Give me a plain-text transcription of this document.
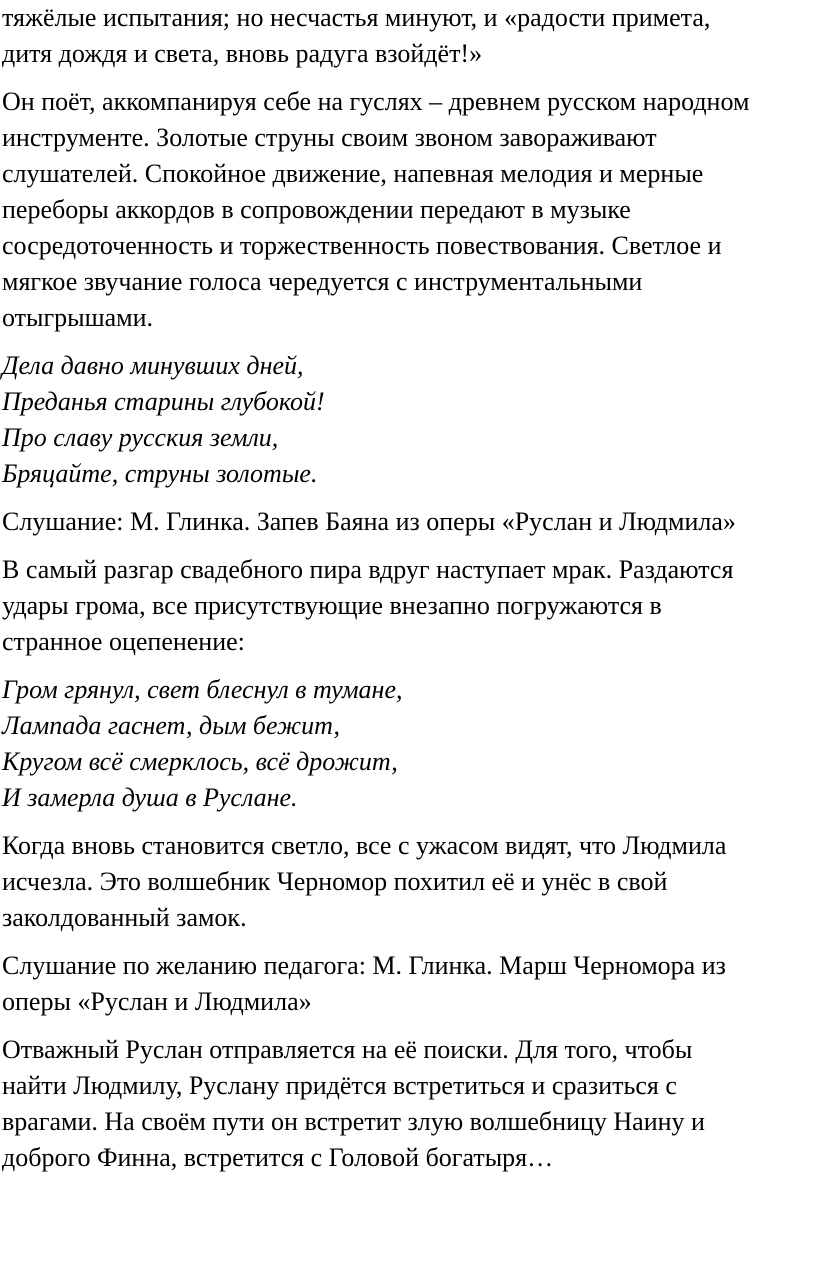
тяжёлые испытания; но несчастья минуют, и «радости примета,
дитя дождя и света, вновь радуга взойдёт!»

Он поёт, аккомпанируя себе на гуслях – древнем русском народном
инструменте. Золотые струны своим звоном завораживают
слушателей. Спокойное движение, напевная мелодия и мерные
переборы аккордов в сопровождении передают в музыке
сосредоточенность и торжественность повествования. Светлое и
мягкое звучание голоса чередуется с инструментальными
отыгрышами.

Дела давно минувших дней,
Преданья старины глубокой!
Про славу русския земли,
Бряцайте, струны золотые.

Слушание: М. Глинка. Запев Баяна из оперы «Руслан и Людмила»

В самый разгар свадебного пира вдруг наступает мрак. Раздаются
удары грома, все присутствующие внезапно погружаются в
странное оцепенение:

Гром грянул, свет блеснул в тумане,
Лампада гаснет, дым бежит,
Кругом всё смерклось, всё дрожит,
И замерла душа в Руслане.

Когда вновь становится светло, все с ужасом видят, что Людмила
исчезла. Это волшебник Черномор похитил её и унёс в свой
заколдованный замок.

Слушание по желанию педагога: М. Глинка. Марш Черномора из
оперы «Руслан и Людмила»

Отважный Руслан отправляется на её поиски. Для того, чтобы
найти Людмилу, Руслану придётся встретиться и сразиться с
врагами. На своём пути он встретит злую волшебницу Наину и
доброго Финна, встретится с Головой богатыря…
